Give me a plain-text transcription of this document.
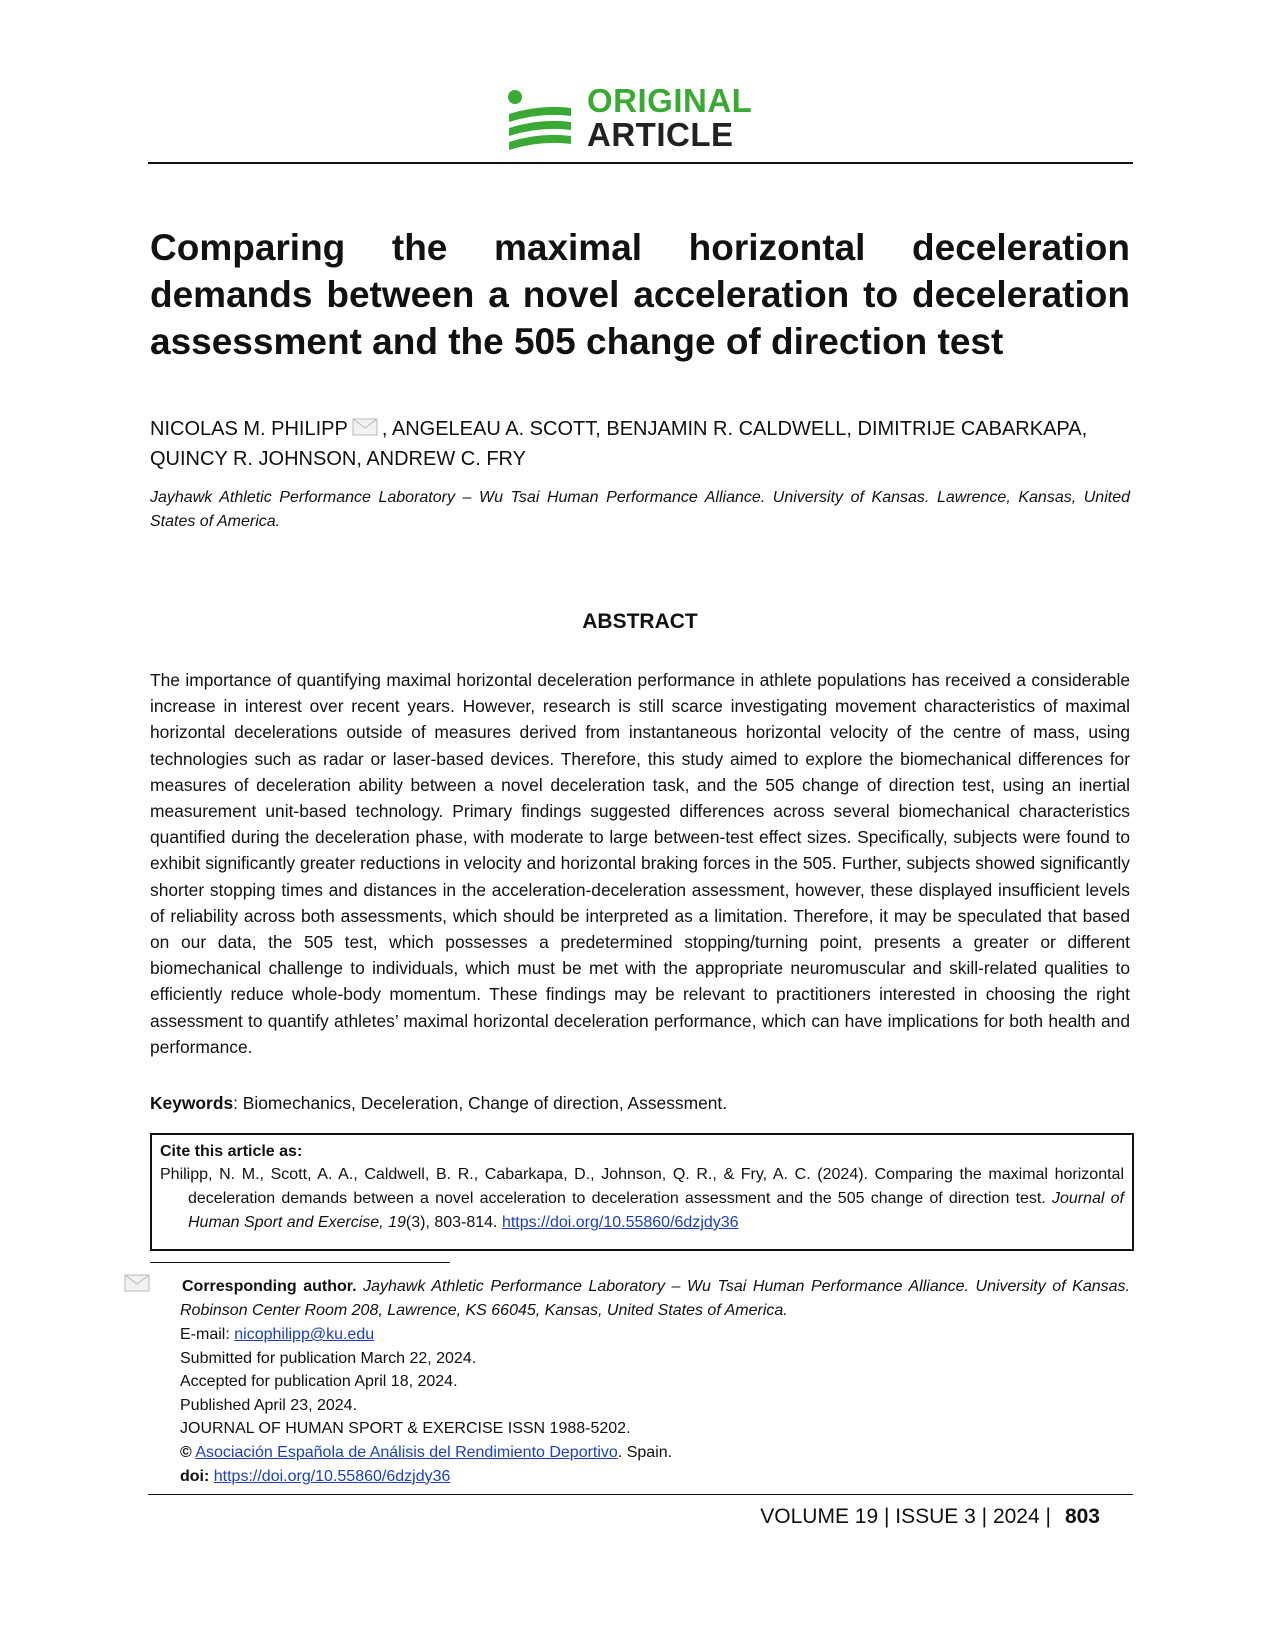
ORIGINAL
ARTICLE
Comparing the maximal horizontal deceleration demands between a novel acceleration to deceleration assessment and the 505 change of direction test

NICOLAS M. PHILIPP , ANGELEAU A. SCOTT, BENJAMIN R. CALDWELL, DIMITRIJE CABARKAPA,
QUINCY R. JOHNSON, ANDREW C. FRY

Jayhawk Athletic Performance Laboratory – Wu Tsai Human Performance Alliance. University of Kansas. Lawrence, Kansas, United States of America.

ABSTRACT

The importance of quantifying maximal horizontal deceleration performance in athlete populations has received a considerable increase in interest over recent years. However, research is still scarce investigating movement characteristics of maximal horizontal decelerations outside of measures derived from instantaneous horizontal velocity of the centre of mass, using technologies such as radar or laser-based devices. Therefore, this study aimed to explore the biomechanical differences for measures of deceleration ability between a novel deceleration task, and the 505 change of direction test, using an inertial measurement unit-based technology. Primary findings suggested differences across several biomechanical characteristics quantified during the deceleration phase, with moderate to large between-test effect sizes. Specifically, subjects were found to exhibit significantly greater reductions in velocity and horizontal braking forces in the 505. Further, subjects showed significantly shorter stopping times and distances in the acceleration-deceleration assessment, however, these displayed insufficient levels of reliability across both assessments, which should be interpreted as a limitation. Therefore, it may be speculated that based on our data, the 505 test, which possesses a predetermined stopping/turning point, presents a greater or different biomechanical challenge to individuals, which must be met with the appropriate neuromuscular and skill-related qualities to efficiently reduce whole-body momentum. These findings may be relevant to practitioners interested in choosing the right assessment to quantify athletes’ maximal horizontal deceleration performance, which can have implications for both health and performance.

Keywords: Biomechanics, Deceleration, Change of direction, Assessment.

Cite this article as:

Philipp, N. M., Scott, A. A., Caldwell, B. R., Cabarkapa, D., Johnson, Q. R., & Fry, A. C. (2024). Comparing the maximal horizontal deceleration demands between a novel acceleration to deceleration assessment and the 505 change of direction test. Journal of Human Sport and Exercise, 19(3), 803-814. https://doi.org/10.55860/6dzjdy36

Corresponding author. Jayhawk Athletic Performance Laboratory – Wu Tsai Human Performance Alliance. University of Kansas. Robinson Center Room 208, Lawrence, KS 66045, Kansas, United States of America.

E-mail: nicophilipp@ku.edu

Submitted for publication March 22, 2024.

Accepted for publication April 18, 2024.

Published April 23, 2024.

JOURNAL OF HUMAN SPORT & EXERCISE ISSN 1988-5202.

© Asociación Española de Análisis del Rendimiento Deportivo. Spain.

doi: https://doi.org/10.55860/6dzjdy36

VOLUME 19 | ISSUE 3 | 2024 | 803
